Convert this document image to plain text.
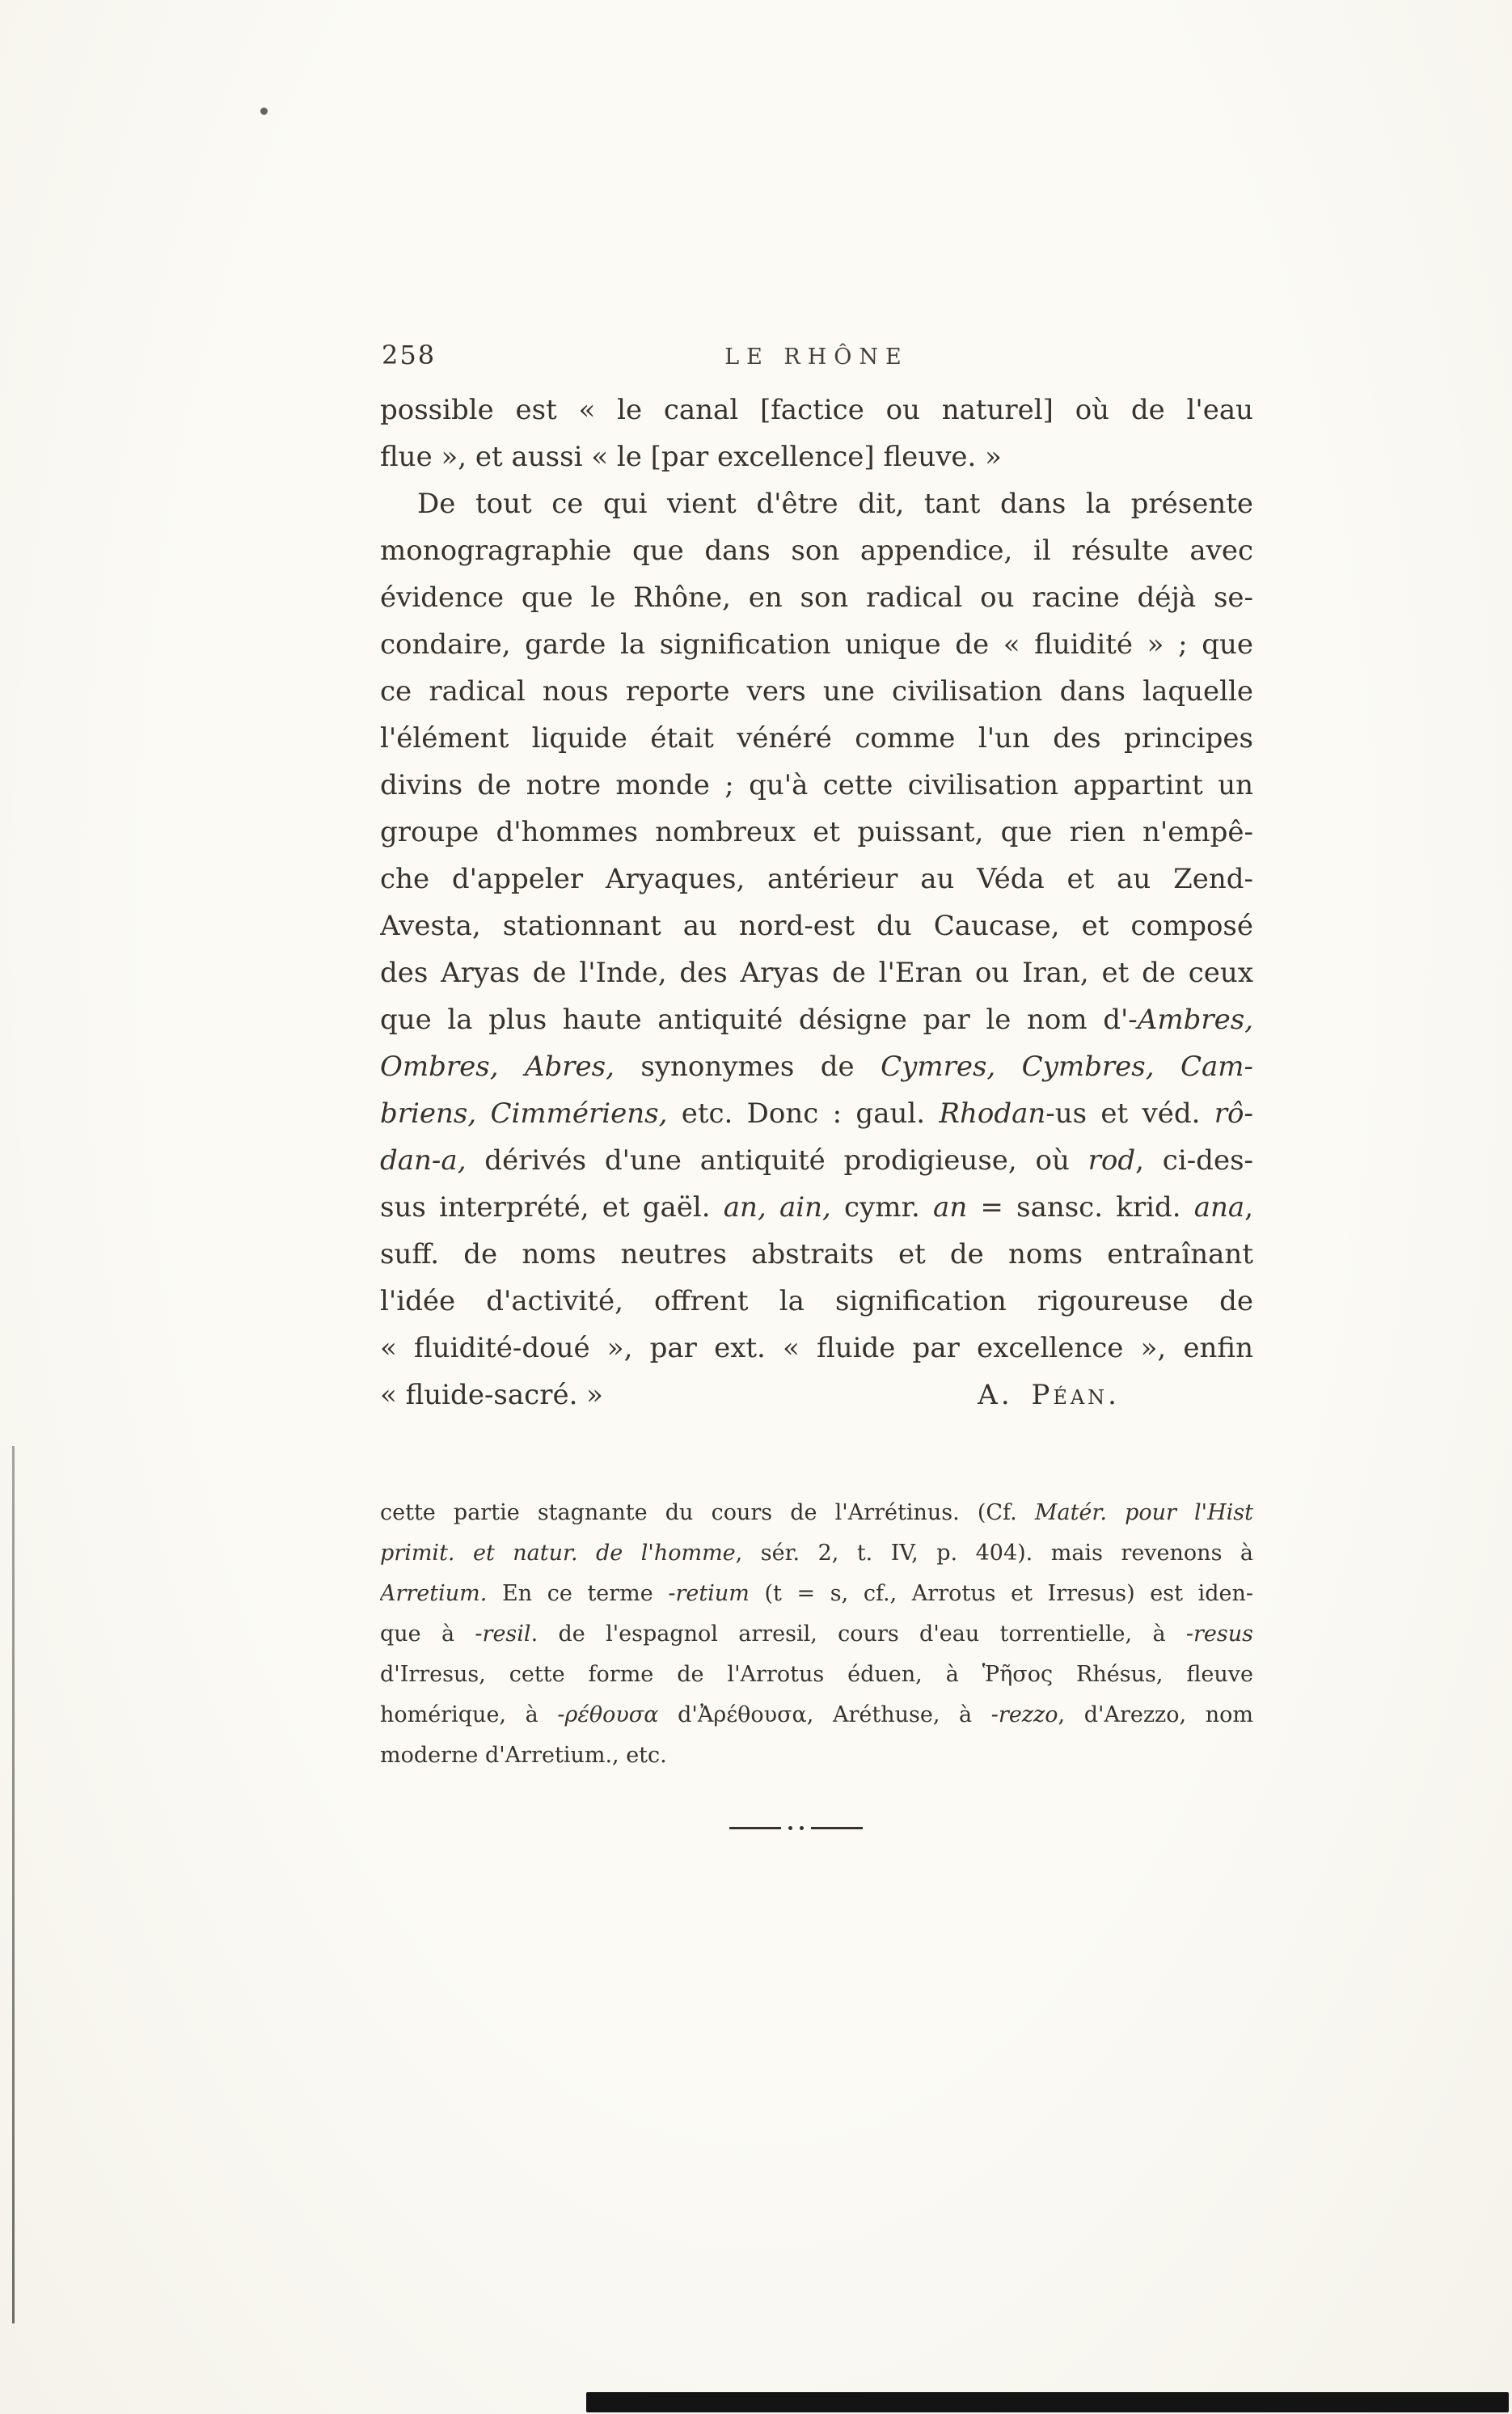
258	LE RHÔNE
possible est « le canal [factice ou naturel] où de l'eau
flue », et aussi « le [par excellence] fleuve. »
De tout ce qui vient d'être dit, tant dans la présente
monogragraphie que dans son appendice, il résulte avec
évidence que le Rhône, en son radical ou racine déjà se-
condaire, garde la signification unique de « fluidité » ; que
ce radical nous reporte vers une civilisation dans laquelle
l'élément liquide était vénéré comme l'un des principes
divins de notre monde ; qu'à cette civilisation appartint un
groupe d'hommes nombreux et puissant, que rien n'empê-
che d'appeler Aryaques, antérieur au Véda et au Zend-
Avesta, stationnant au nord-est du Caucase, et composé
des Aryas de l'Inde, des Aryas de l'Eran ou Iran, et de ceux
que la plus haute antiquité désigne par le nom d'-Ambres,
Ombres, Abres, synonymes de Cymres, Cymbres, Cam-
briens, Cimmériens, etc. Donc : gaul. Rhodan-us et véd. rô-
dan-a, dérivés d'une antiquité prodigieuse, où rod, ci-des-
sus interprété, et gaël. an, ain, cymr. an = sansc. krid. ana,
suff. de noms neutres abstraits et de noms entraînant
l'idée d'activité, offrent la signification rigoureuse de
« fluidité-doué », par ext. « fluide par excellence », enfin
« fluide-sacré. »	A. Péan.
cette partie stagnante du cours de l'Arrétinus. (Cf. Matér. pour l'Hist
primit. et natur. de l'homme, sér. 2, t. IV, p. 404). mais revenons à
Arretium. En ce terme -retium (t = s, cf., Arrotus et Irresus) est iden-
que à -resil. de l'espagnol arresil, cours d'eau torrentielle, à -resus
d'Irresus, cette forme de l'Arrotus éduen, à Ῥῆσος Rhésus, fleuve
homérique, à -ρέθουσα d'Ἀρέθουσα, Aréthuse, à -rezzo, d'Arezzo, nom
moderne d'Arretium., etc.
